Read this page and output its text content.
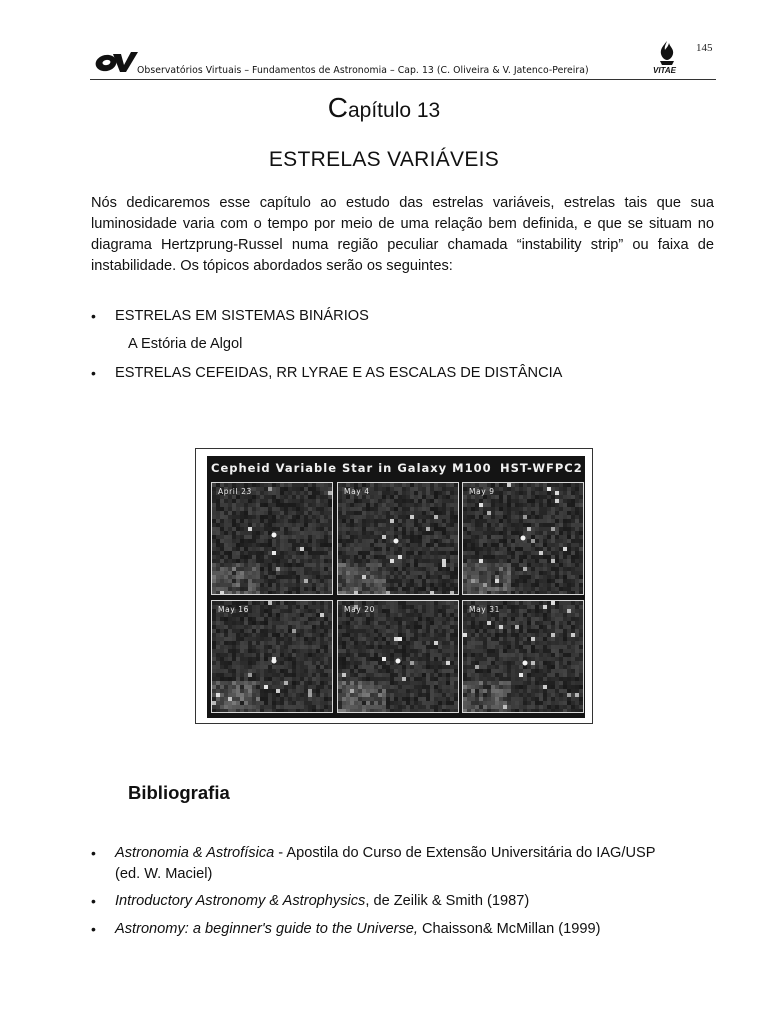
145
Observatórios Virtuais – Fundamentos de Astronomia – Cap. 13 (C. Oliveira & V. Jatenco-Pereira)	VITAE
Capítulo 13
ESTRELAS VARIÁVEIS
Nós dedicaremos esse capítulo ao estudo das estrelas variáveis, estrelas tais que sua luminosidade varia com o tempo por meio de uma relação bem definida, e que se situam no diagrama Hertzprung-Russel numa região peculiar chamada “instability strip” ou faixa de instabilidade. Os tópicos abordados serão os seguintes:
• ESTRELAS EM SISTEMAS BINÁRIOS
A Estória de Algol
• ESTRELAS CEFEIDAS, RR LYRAE E AS ESCALAS DE DISTÂNCIA
Cepheid Variable Star in Galaxy M100 HST-WFPC2
April 23	May 4	May 9
May 16	May 20	May 31
Bibliografia
• Astronomia & Astrofísica - Apostila do Curso de Extensão Universitária do IAG/USP
(ed. W. Maciel)
• Introductory Astronomy & Astrophysics, de Zeilik & Smith (1987)
• Astronomy: a beginner's guide to the Universe, Chaisson& McMillan (1999)
